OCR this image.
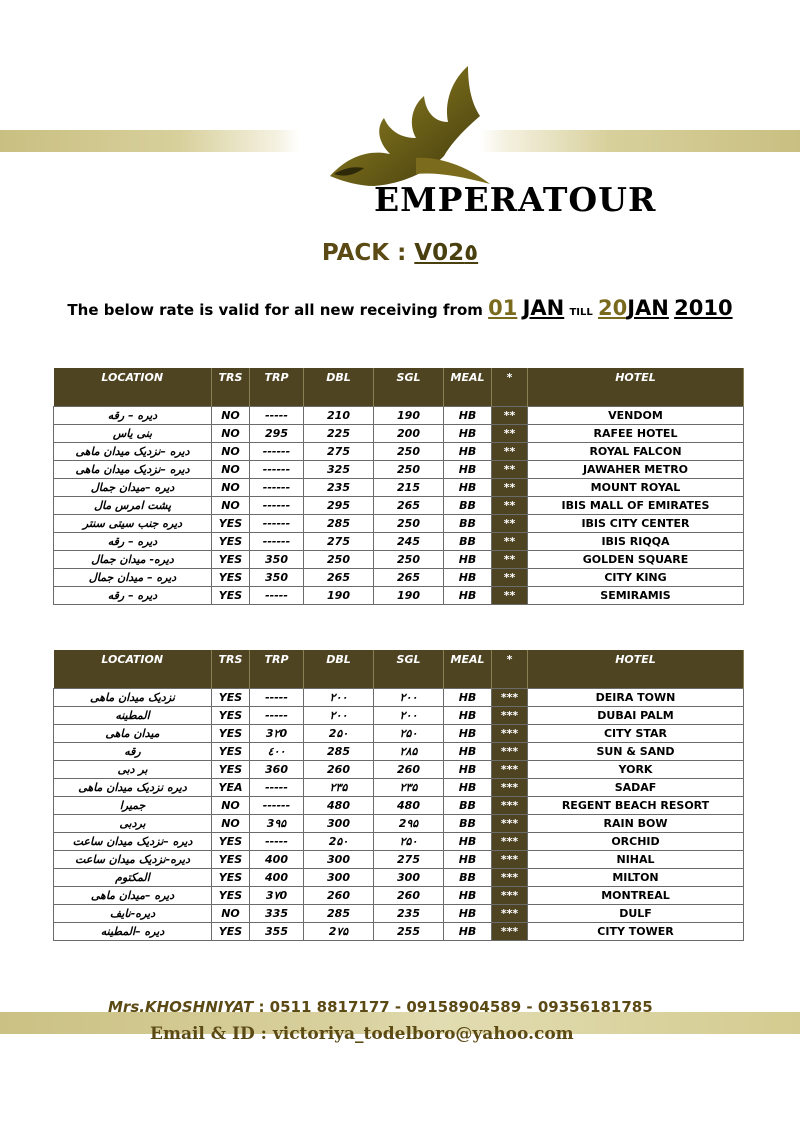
EMPERATOUR
PACK : V02٥
The below rate is valid for all new receiving from 01 JAN TILL 20JAN 2010
LOCATION	TRS	TRP	DBL	SGL	MEAL	*	HOTEL
دیره – رقه	NO	-----	210	190	HB	**	VENDOM
بنی یاس	NO	295	225	200	HB	**	RAFEE HOTEL
دیره –نزدیک میدان ماهی	NO	------	275	250	HB	**	ROYAL FALCON
دیره –نزدیک میدان ماهی	NO	------	325	250	HB	**	JAWAHER METRO
دیره –میدان جمال	NO	------	235	215	HB	**	MOUNT ROYAL
پشت امرس مال	NO	------	295	265	BB	**	IBIS MALL OF EMIRATES
دیره جنب سیتی سنتر	YES	------	285	250	BB	**	IBIS CITY CENTER
دیره – رقه	YES	------	275	245	BB	**	IBIS RIQQA
دیره- میدان جمال	YES	350	250	250	HB	**	GOLDEN SQUARE
دیره – میدان جمال	YES	350	265	265	HB	**	CITY KING
دیره – رقه	YES	-----	190	190	HB	**	SEMIRAMIS
LOCATION	TRS	TRP	DBL	SGL	MEAL	*	HOTEL
نزدیک میدان ماهی	YES	-----	۲۰۰	۲۰۰	HB	***	DEIRA TOWN
المطینه	YES	-----	۲۰۰	۲۰۰	HB	***	DUBAI PALM
میدان ماهی	YES	3۲0	2۵۰	۲۵۰	HB	***	CITY STAR
رقه	YES	٤۰۰	285	۲۸۵	HB	***	SUN & SAND
بر دبی	YES	360	260	260	HB	***	YORK
دیره نزدیک میدان ماهی	YEA	-----	۲۳۵	۲۳۵	HB	***	SADAF
جمیرا	NO	------	480	480	BB	***	REGENT BEACH RESORT
بردبی	NO	3۹۵	300	2۹۵	BB	***	RAIN BOW
دیره –نزدیک میدان ساعت	YES	-----	2۵۰	۲۵۰	HB	***	ORCHID
دیره-نزدیک میدان ساعت	YES	400	300	275	HB	***	NIHAL
المکتوم	YES	400	300	300	BB	***	MILTON
دیره –میدان ماهی	YES	3۷0	260	260	HB	***	MONTREAL
دیره-نایف	NO	335	285	235	HB	***	DULF
دیره –المطینه	YES	355	2۷۵	255	HB	***	CITY TOWER
Mrs.KHOSHNIYAT : 0511 8817177 - 09158904589 - 09356181785
Email & ID : victoriya_todelboro@yahoo.com
